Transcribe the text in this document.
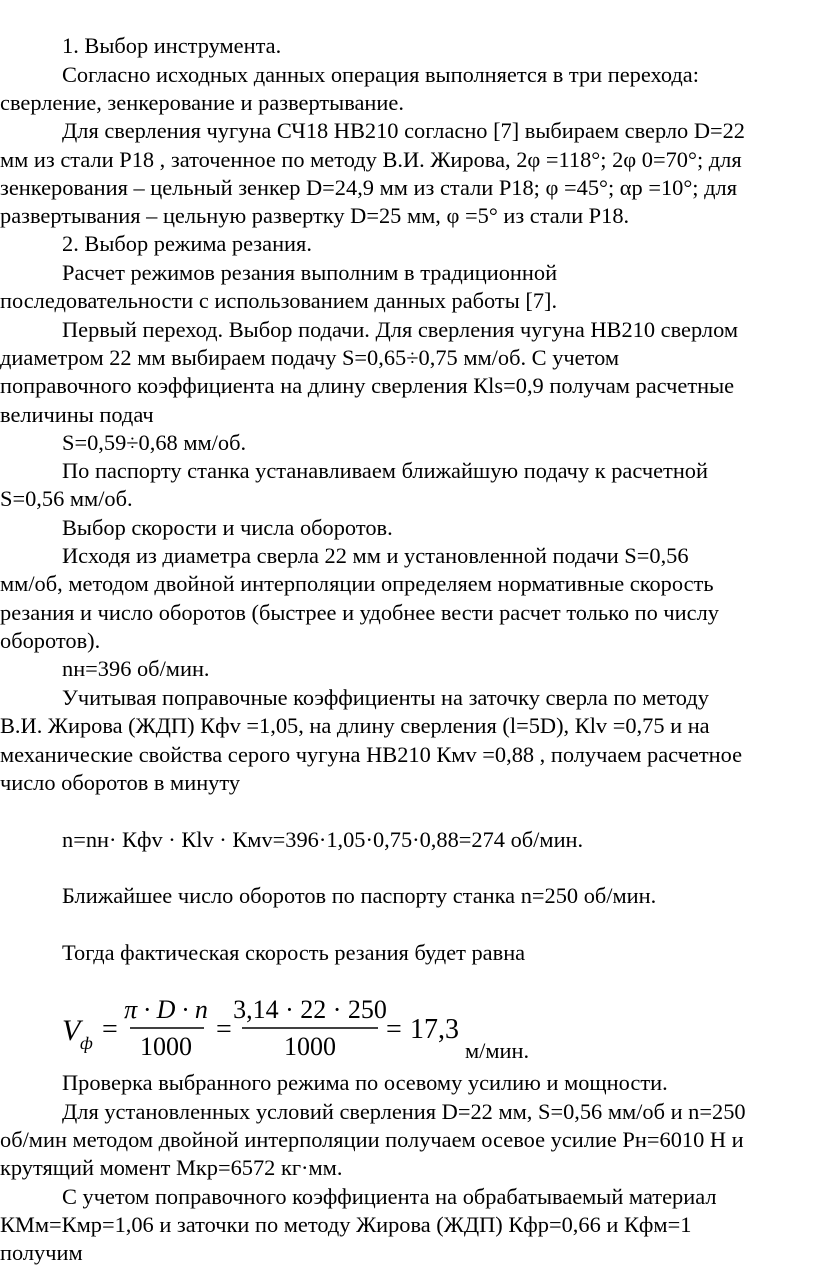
1. Выбор инструмента.
Согласно исходных данных операция выполняется в три перехода:
сверление, зенкерование и развертывание.
Для сверления чугуна СЧ18 НВ210 согласно [7] выбираем сверло D=22
мм из стали Р18 , заточенное по методу В.И. Жирова, 2φ =118°; 2φ 0=70°; для
зенкерования – цельный зенкер D=24,9 мм из стали Р18; φ =45°; αр =10°; для
развертывания – цельную развертку D=25 мм, φ =5° из стали Р18.
2. Выбор режима резания.
Расчет режимов резания выполним в традиционной
последовательности с использованием данных работы [7].
Первый переход. Выбор подачи. Для сверления чугуна НВ210 сверлом
диаметром 22 мм выбираем подачу S=0,65÷0,75 мм/об. С учетом
поправочного коэффициента на длину сверления Кls=0,9 получам расчетные
величины подач
S=0,59÷0,68 мм/об.
По паспорту станка устанавливаем ближайшую подачу к расчетной
S=0,56 мм/об.
Выбор скорости и числа оборотов.
Исходя из диаметра сверла 22 мм и установленной подачи S=0,56
мм/об, методом двойной интерполяции определяем нормативные скорость
резания и число оборотов (быстрее и удобнее вести расчет только по числу
оборотов).
nн=396 об/мин.
Учитывая поправочные коэффициенты на заточку сверла по методу
В.И. Жирова (ЖДП) Кфv =1,05, на длину сверления (l=5D), Кlv =0,75 и на
механические свойства серого чугуна НВ210 Кмv =0,88 , получаем расчетное
число оборотов в минуту
n=nн· Кфv · Кlv · Кмv=396·1,05·0,75·0,88=274 об/мин.
Ближайшее число оборотов по паспорту станка n=250 об/мин.
Тогда фактическая скорость резания будет равна
V ф =
π · D · n
1000
=
3,14 · 22 · 250
1000
= 17,3
м/мин.
Проверка выбранного режима по осевому усилию и мощности.
Для установленных условий сверления D=22 мм, S=0,56 мм/об и n=250
об/мин методом двойной интерполяции получаем осевое усилие Рн=6010 Н и
крутящий момент Мкр=6572 кг·мм.
С учетом поправочного коэффициента на обрабатываемый материал
КМм=Кмр=1,06 и заточки по методу Жирова (ЖДП) Кфр=0,66 и Кфм=1
получим
